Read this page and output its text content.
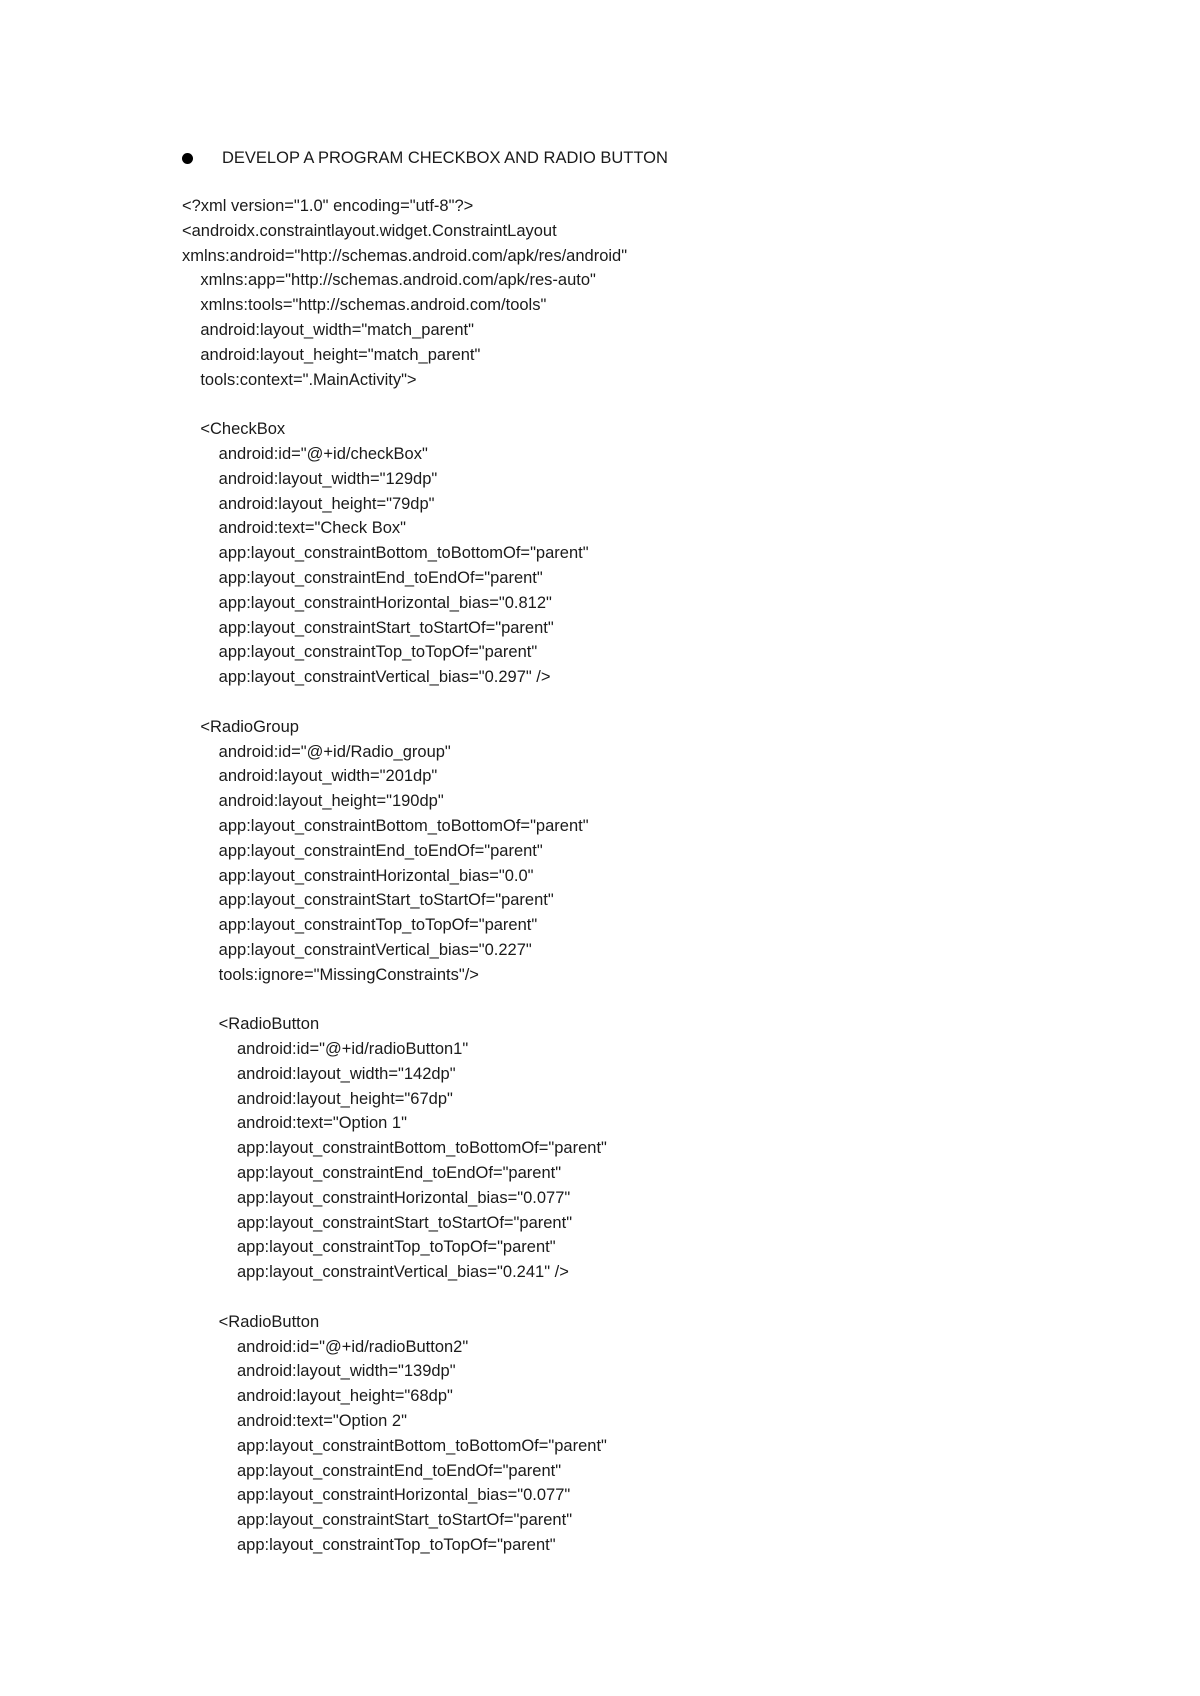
DEVELOP A PROGRAM CHECKBOX AND RADIO BUTTON
<?xml version="1.0" encoding="utf-8"?>
<androidx.constraintlayout.widget.ConstraintLayout
xmlns:android="http://schemas.android.com/apk/res/android"
xmlns:app="http://schemas.android.com/apk/res-auto"
xmlns:tools="http://schemas.android.com/tools"
android:layout_width="match_parent"
android:layout_height="match_parent"
tools:context=".MainActivity">
<CheckBox
android:id="@+id/checkBox"
android:layout_width="129dp"
android:layout_height="79dp"
android:text="Check Box"
app:layout_constraintBottom_toBottomOf="parent"
app:layout_constraintEnd_toEndOf="parent"
app:layout_constraintHorizontal_bias="0.812"
app:layout_constraintStart_toStartOf="parent"
app:layout_constraintTop_toTopOf="parent"
app:layout_constraintVertical_bias="0.297" />
<RadioGroup
android:id="@+id/Radio_group"
android:layout_width="201dp"
android:layout_height="190dp"
app:layout_constraintBottom_toBottomOf="parent"
app:layout_constraintEnd_toEndOf="parent"
app:layout_constraintHorizontal_bias="0.0"
app:layout_constraintStart_toStartOf="parent"
app:layout_constraintTop_toTopOf="parent"
app:layout_constraintVertical_bias="0.227"
tools:ignore="MissingConstraints"/>
<RadioButton
android:id="@+id/radioButton1"
android:layout_width="142dp"
android:layout_height="67dp"
android:text="Option 1"
app:layout_constraintBottom_toBottomOf="parent"
app:layout_constraintEnd_toEndOf="parent"
app:layout_constraintHorizontal_bias="0.077"
app:layout_constraintStart_toStartOf="parent"
app:layout_constraintTop_toTopOf="parent"
app:layout_constraintVertical_bias="0.241" />
<RadioButton
android:id="@+id/radioButton2"
android:layout_width="139dp"
android:layout_height="68dp"
android:text="Option 2"
app:layout_constraintBottom_toBottomOf="parent"
app:layout_constraintEnd_toEndOf="parent"
app:layout_constraintHorizontal_bias="0.077"
app:layout_constraintStart_toStartOf="parent"
app:layout_constraintTop_toTopOf="parent"
